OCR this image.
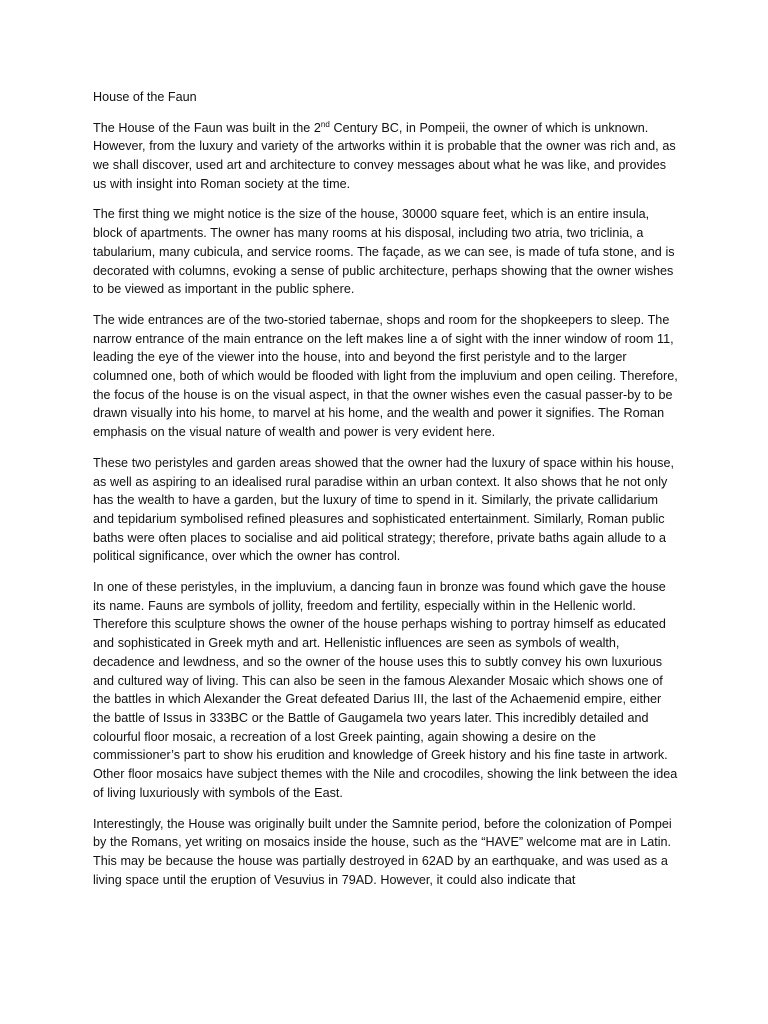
House of the Faun

The House of the Faun was built in the 2nd Century BC, in Pompeii, the owner of which is unknown. However, from the luxury and variety of the artworks within it is probable that the owner was rich and, as we shall discover, used art and architecture to convey messages about what he was like, and provides us with insight into Roman society at the time.

The first thing we might notice is the size of the house, 30000 square feet, which is an entire insula, block of apartments. The owner has many rooms at his disposal, including two atria, two triclinia, a tabularium, many cubicula, and service rooms. The façade, as we can see, is made of tufa stone, and is decorated with columns, evoking a sense of public architecture, perhaps showing that the owner wishes to be viewed as important in the public sphere.

The wide entrances are of the two-storied tabernae, shops and room for the shopkeepers to sleep. The narrow entrance of the main entrance on the left makes line a of sight with the inner window of room 11, leading the eye of the viewer into the house, into and beyond the first peristyle and to the larger columned one, both of which would be flooded with light from the impluvium and open ceiling. Therefore, the focus of the house is on the visual aspect, in that the owner wishes even the casual passer-by to be drawn visually into his home, to marvel at his home, and the wealth and power it signifies. The Roman emphasis on the visual nature of wealth and power is very evident here.

These two peristyles and garden areas showed that the owner had the luxury of space within his house, as well as aspiring to an idealised rural paradise within an urban context. It also shows that he not only has the wealth to have a garden, but the luxury of time to spend in it. Similarly, the private callidarium and tepidarium symbolised refined pleasures and sophisticated entertainment. Similarly, Roman public baths were often places to socialise and aid political strategy; therefore, private baths again allude to a political significance, over which the owner has control.

In one of these peristyles, in the impluvium, a dancing faun in bronze was found which gave the house its name. Fauns are symbols of jollity, freedom and fertility, especially within in the Hellenic world. Therefore this sculpture shows the owner of the house perhaps wishing to portray himself as educated and sophisticated in Greek myth and art. Hellenistic influences are seen as symbols of wealth, decadence and lewdness, and so the owner of the house uses this to subtly convey his own luxurious and cultured way of living. This can also be seen in the famous Alexander Mosaic which shows one of the battles in which Alexander the Great defeated Darius III, the last of the Achaemenid empire, either the battle of Issus in 333BC or the Battle of Gaugamela two years later. This incredibly detailed and colourful floor mosaic, a recreation of a lost Greek painting, again showing a desire on the commissioner’s part to show his erudition and knowledge of Greek history and his fine taste in artwork. Other floor mosaics have subject themes with the Nile and crocodiles, showing the link between the idea of living luxuriously with symbols of the East.

Interestingly, the House was originally built under the Samnite period, before the colonization of Pompei by the Romans, yet writing on mosaics inside the house, such as the “HAVE” welcome mat are in Latin. This may be because the house was partially destroyed in 62AD by an earthquake, and was used as a living space until the eruption of Vesuvius in 79AD. However, it could also indicate that
